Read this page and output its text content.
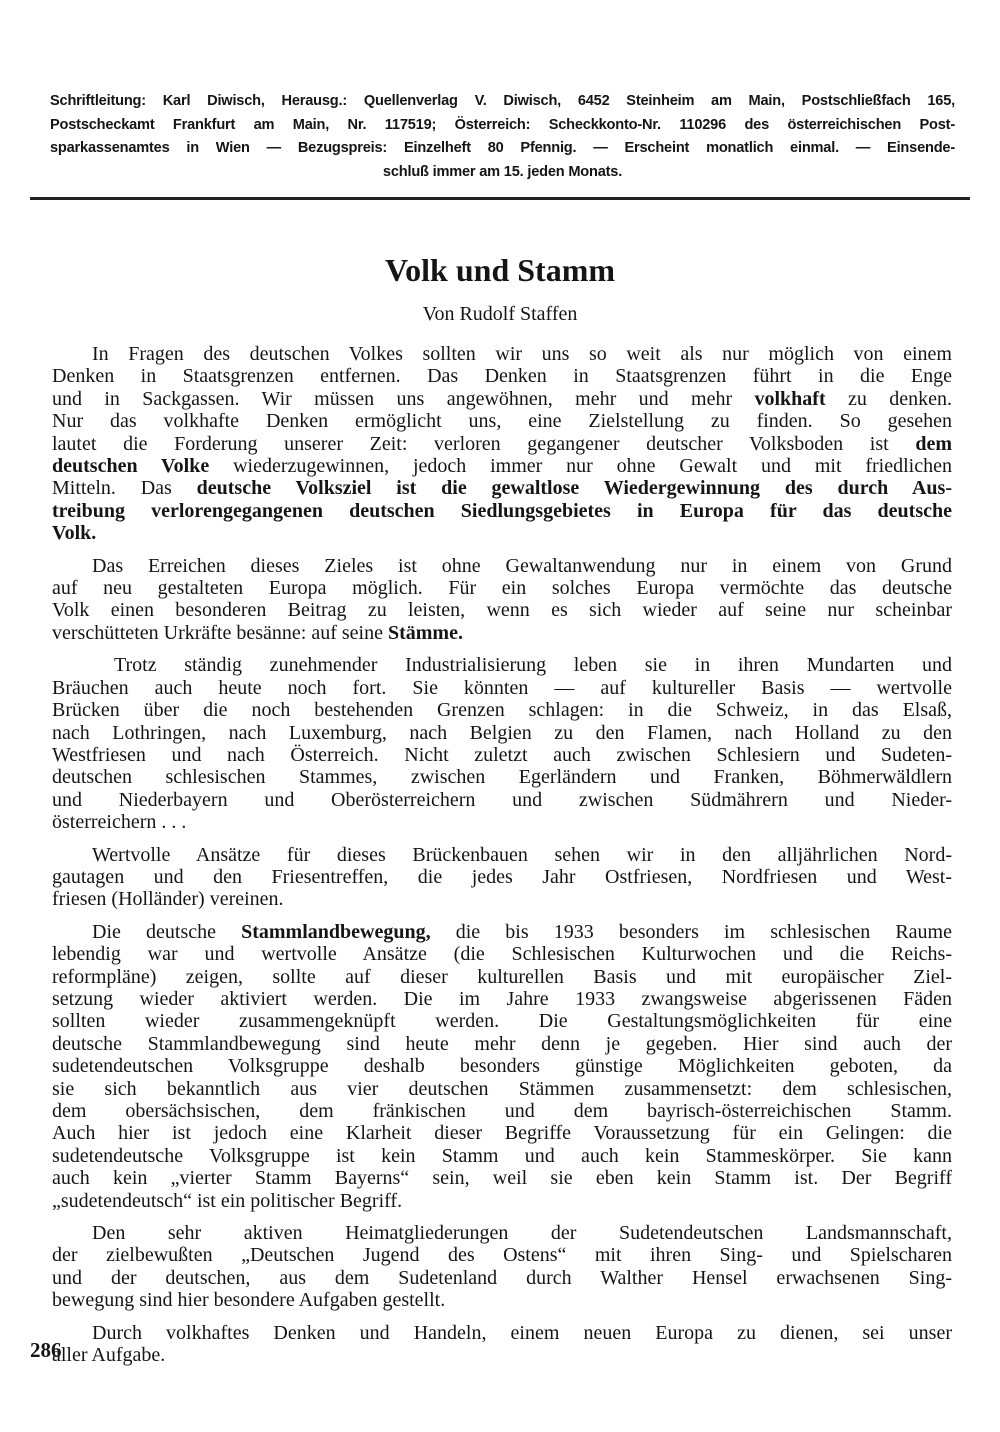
Schriftleitung: Karl Diwisch, Herausg.: Quellenverlag V. Diwisch, 6452 Steinheim am Main, Postschließfach 165,
Postscheckamt Frankfurt am Main, Nr. 117519; Österreich: Scheckkonto-Nr. 110296 des österreichischen Post-
sparkassenamtes in Wien — Bezugspreis: Einzelheft 80 Pfennig. — Erscheint monatlich einmal. — Einsende-
schluß immer am 15. jeden Monats.
Volk und Stamm
Von Rudolf Staffen
In Fragen des deutschen Volkes sollten wir uns so weit als nur möglich von einem
Denken in Staatsgrenzen entfernen. Das Denken in Staatsgrenzen führt in die Enge
und in Sackgassen. Wir müssen uns angewöhnen, mehr und mehr volkhaft zu denken.
Nur das volkhafte Denken ermöglicht uns, eine Zielstellung zu finden. So gesehen
lautet die Forderung unserer Zeit: verloren gegangener deutscher Volksboden ist dem
deutschen Volke wiederzugewinnen, jedoch immer nur ohne Gewalt und mit friedlichen
Mitteln. Das deutsche Volksziel ist die gewaltlose Wiedergewinnung des durch Aus-
treibung verlorengegangenen deutschen Siedlungsgebietes in Europa für das deutsche
Volk.
Das Erreichen dieses Zieles ist ohne Gewaltanwendung nur in einem von Grund
auf neu gestalteten Europa möglich. Für ein solches Europa vermöchte das deutsche
Volk einen besonderen Beitrag zu leisten, wenn es sich wieder auf seine nur scheinbar
verschütteten Urkräfte besänne: auf seine Stämme.
Trotz ständig zunehmender Industrialisierung leben sie in ihren Mundarten und
Bräuchen auch heute noch fort. Sie könnten — auf kultureller Basis — wertvolle
Brücken über die noch bestehenden Grenzen schlagen: in die Schweiz, in das Elsaß,
nach Lothringen, nach Luxemburg, nach Belgien zu den Flamen, nach Holland zu den
Westfriesen und nach Österreich. Nicht zuletzt auch zwischen Schlesiern und Sudeten-
deutschen schlesischen Stammes, zwischen Egerländern und Franken, Böhmerwäldlern
und Niederbayern und Oberösterreichern und zwischen Südmährern und Nieder-
österreichern . . .
Wertvolle Ansätze für dieses Brückenbauen sehen wir in den alljährlichen Nord-
gautagen und den Friesentreffen, die jedes Jahr Ostfriesen, Nordfriesen und West-
friesen (Holländer) vereinen.
Die deutsche Stammlandbewegung, die bis 1933 besonders im schlesischen Raume
lebendig war und wertvolle Ansätze (die Schlesischen Kulturwochen und die Reichs-
reformpläne) zeigen, sollte auf dieser kulturellen Basis und mit europäischer Ziel-
setzung wieder aktiviert werden. Die im Jahre 1933 zwangsweise abgerissenen Fäden
sollten wieder zusammengeknüpft werden. Die Gestaltungsmöglichkeiten für eine
deutsche Stammlandbewegung sind heute mehr denn je gegeben. Hier sind auch der
sudetendeutschen Volksgruppe deshalb besonders günstige Möglichkeiten geboten, da
sie sich bekanntlich aus vier deutschen Stämmen zusammensetzt: dem schlesischen,
dem obersächsischen, dem fränkischen und dem bayrisch-österreichischen Stamm.
Auch hier ist jedoch eine Klarheit dieser Begriffe Voraussetzung für ein Gelingen: die
sudetendeutsche Volksgruppe ist kein Stamm und auch kein Stammeskörper. Sie kann
auch kein „vierter Stamm Bayerns“ sein, weil sie eben kein Stamm ist. Der Begriff
„sudetendeutsch“ ist ein politischer Begriff.
Den sehr aktiven Heimatgliederungen der Sudetendeutschen Landsmannschaft,
der zielbewußten „Deutschen Jugend des Ostens“ mit ihren Sing- und Spielscharen
und der deutschen, aus dem Sudetenland durch Walther Hensel erwachsenen Sing-
bewegung sind hier besondere Aufgaben gestellt.
Durch volkhaftes Denken und Handeln, einem neuen Europa zu dienen, sei unser
aller Aufgabe.
286
